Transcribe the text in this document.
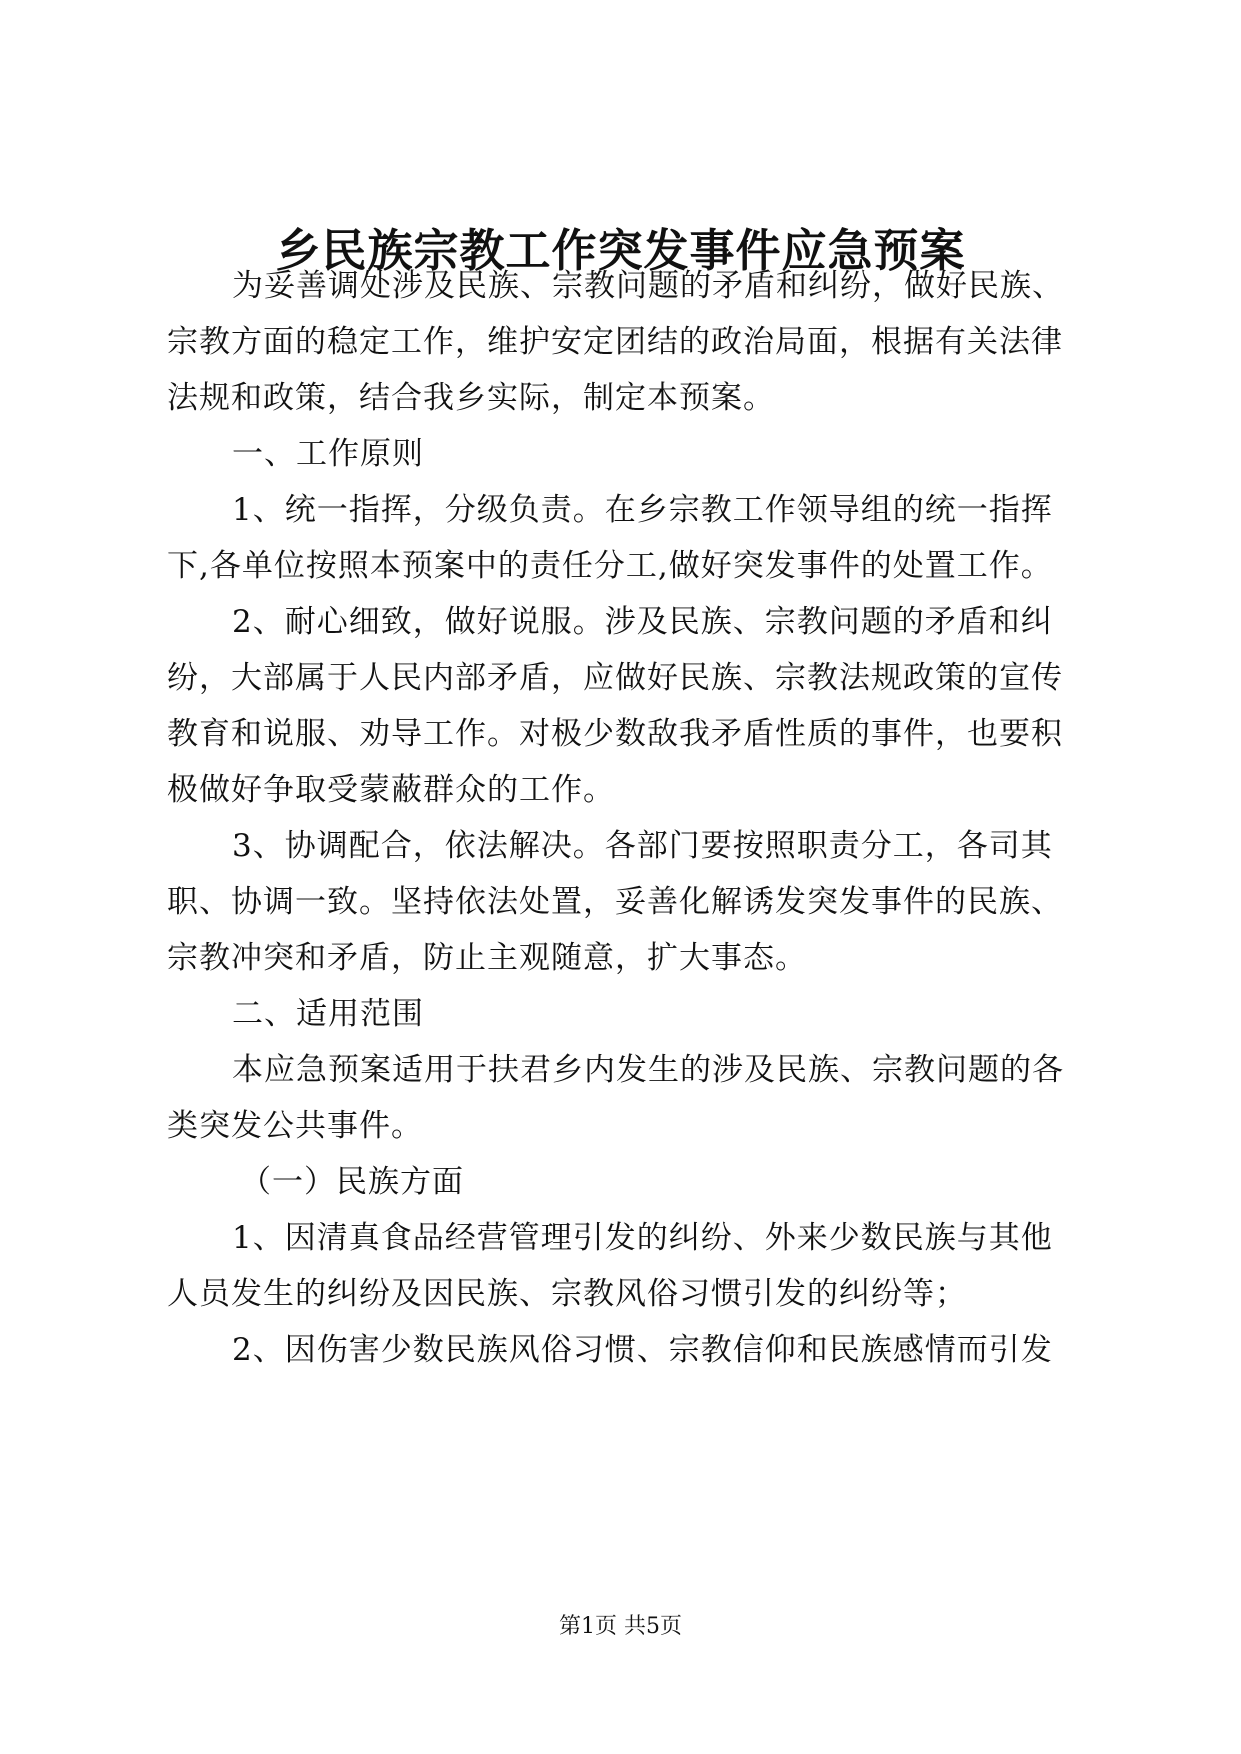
乡民族宗教工作突发事件应急预案
为妥善调处涉及民族、宗教问题的矛盾和纠纷，做好民族、
宗教方面的稳定工作，维护安定团结的政治局面，根据有关法律
法规和政策，结合我乡实际，制定本预案。
一、工作原则
1、统一指挥，分级负责。在乡宗教工作领导组的统一指挥
下,各单位按照本预案中的责任分工,做好突发事件的处置工作。
2、耐心细致，做好说服。涉及民族、宗教问题的矛盾和纠
纷，大部属于人民内部矛盾，应做好民族、宗教法规政策的宣传
教育和说服、劝导工作。对极少数敌我矛盾性质的事件，也要积
极做好争取受蒙蔽群众的工作。
3、协调配合，依法解决。各部门要按照职责分工，各司其
职、协调一致。坚持依法处置，妥善化解诱发突发事件的民族、
宗教冲突和矛盾，防止主观随意，扩大事态。
二、适用范围
本应急预案适用于扶君乡内发生的涉及民族、宗教问题的各
类突发公共事件。
（一）民族方面
1、因清真食品经营管理引发的纠纷、外来少数民族与其他
人员发生的纠纷及因民族、宗教风俗习惯引发的纠纷等；
2、因伤害少数民族风俗习惯、宗教信仰和民族感情而引发
第1页 共5页
